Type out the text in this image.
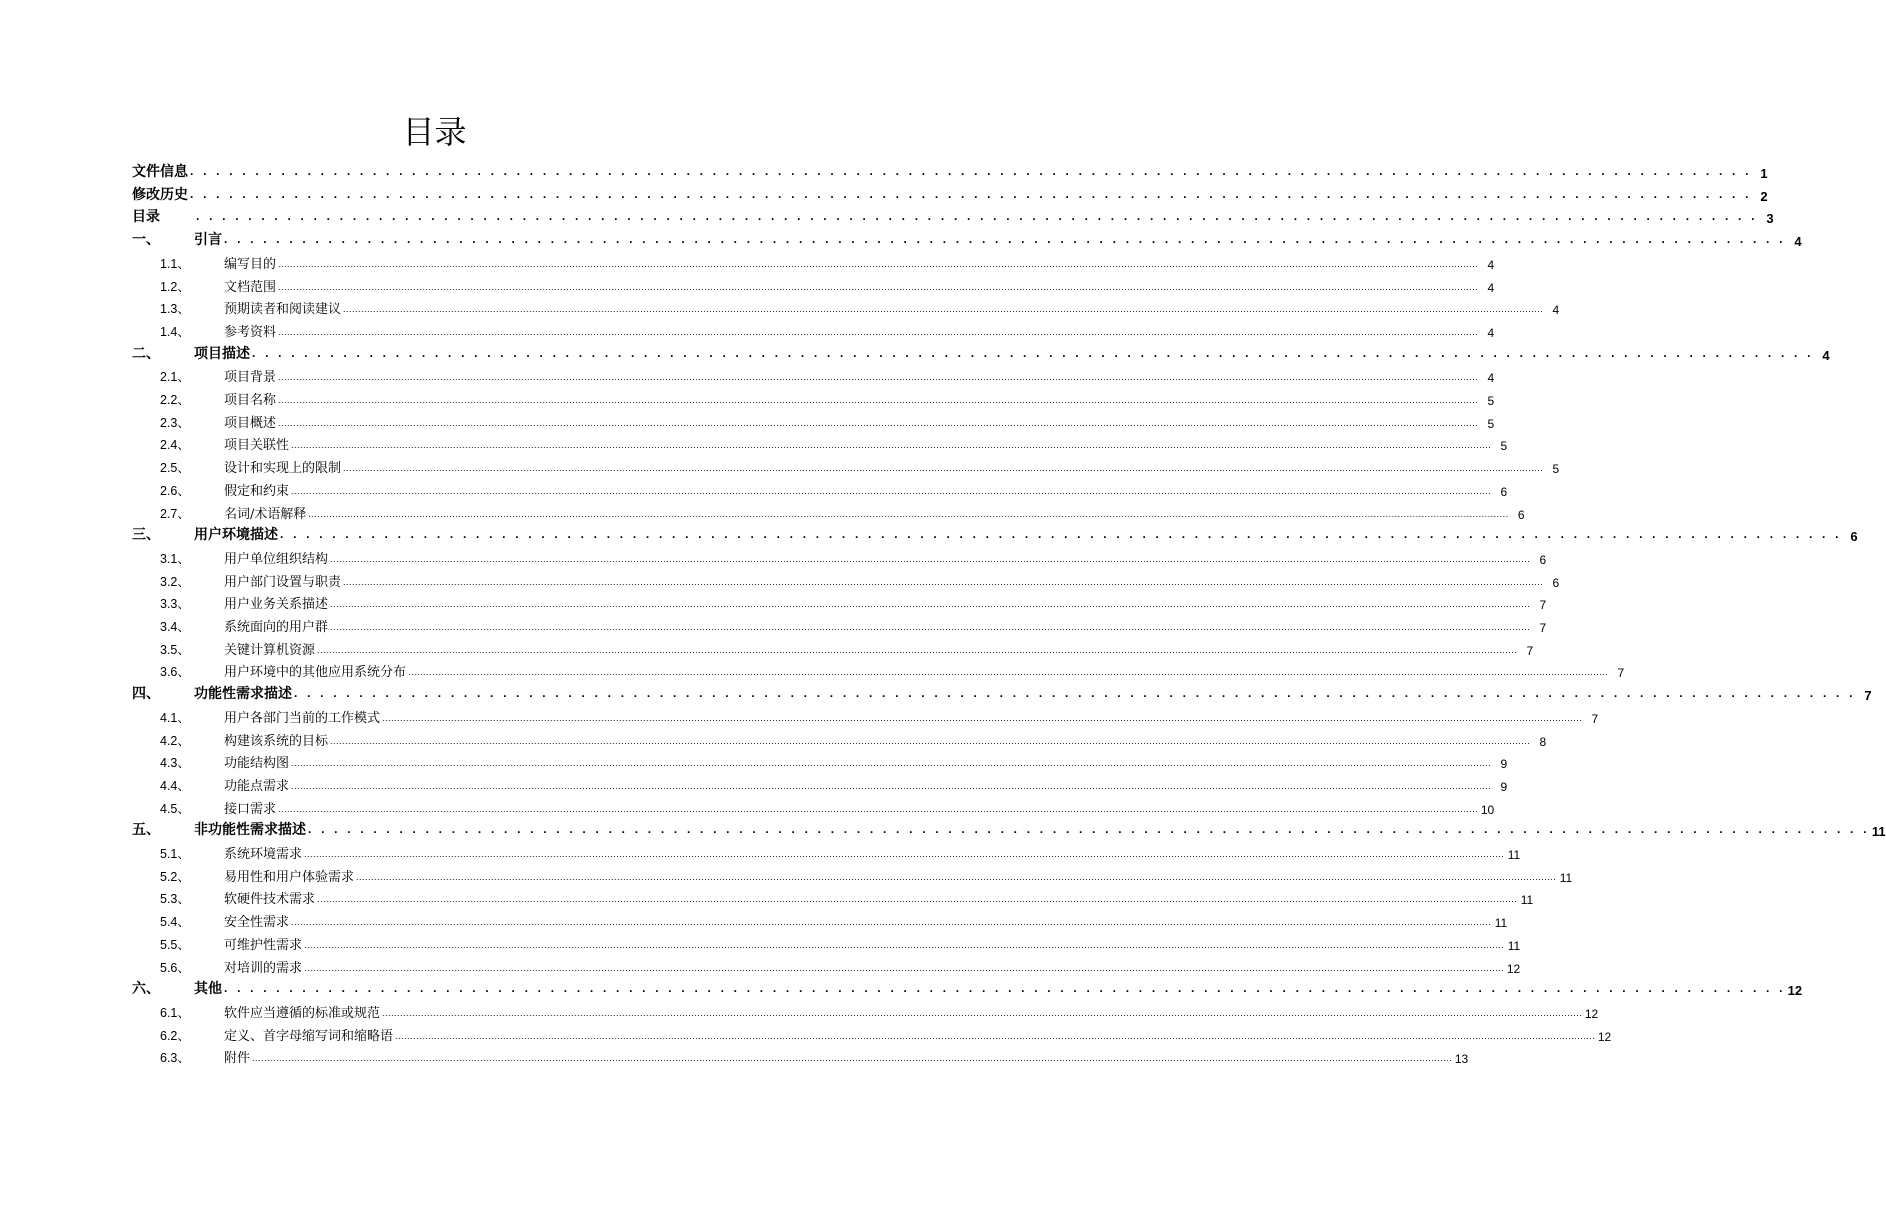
目录
文件信息 . . . . . . . . . . . . . . . . . . . . . . . . . . . . . . . . . . . . . . . . . . . . . . . . . . . . . . . . . . . . . . . . . . . . . . . . . . . . . . . . . . . . . . . . . . . . . . . . . . . . . . . . . . . . . . . . . . . . . . . . 1
修改历史 . . . . . . . . . . . . . . . . . . . . . . . . . . . . . . . . . . . . . . . . . . . . . . . . . . . . . . . . . . . . . . . . . . . . . . . . . . . . . . . . . . . . . . . . . . . . . . . . . . . . . . . . . . . . . . . . . . . . . . . . 2
目录	. . . . . . . . . . . . . . . . . . . . . . . . . . . . . . . . . . . . . . . . . . . . . . . . . . . . . . . . . . . . . . . . . . . . . . . . . . . . . . . . . . . . . . . . . . . . . . . . . . . . . . . . . . . . . . . . . . . . . . . . 3
一、	引言 . . . . . . . . . . . . . . . . . . . . . . . . . . . . . . . . . . . . . . . . . . . . . . . . . . . . . . . . . . . . . . . . . . . . . . . . . . . . . . . . . . . . . . . . . . . . . . . . . . . . . . . . . . . . . . . . . . . . . . . . 4
1.1、	编写目的 ................................................................................................................................................................................................................................................................................................................................................................................................................ 4
1.2、	文档范围 ................................................................................................................................................................................................................................................................................................................................................................................................................ 4
1.3、	预期读者和阅读建议 ................................................................................................................................................................................................................................................................................................................................................................................................................ 4
1.4、	参考资料 ................................................................................................................................................................................................................................................................................................................................................................................................................ 4
二、	项目描述 . . . . . . . . . . . . . . . . . . . . . . . . . . . . . . . . . . . . . . . . . . . . . . . . . . . . . . . . . . . . . . . . . . . . . . . . . . . . . . . . . . . . . . . . . . . . . . . . . . . . . . . . . . . . . . . . . . . . . . . . 4
2.1、	项目背景 ................................................................................................................................................................................................................................................................................................................................................................................................................ 4
2.2、	项目名称 ................................................................................................................................................................................................................................................................................................................................................................................................................ 5
2.3、	项目概述 ................................................................................................................................................................................................................................................................................................................................................................................................................ 5
2.4、	项目关联性 ................................................................................................................................................................................................................................................................................................................................................................................................................ 5
2.5、	设计和实现上的限制 ................................................................................................................................................................................................................................................................................................................................................................................................................ 5
2.6、	假定和约束 ................................................................................................................................................................................................................................................................................................................................................................................................................ 6
2.7、	名词/术语解释 ................................................................................................................................................................................................................................................................................................................................................................................................................ 6
三、	用户环境描述 . . . . . . . . . . . . . . . . . . . . . . . . . . . . . . . . . . . . . . . . . . . . . . . . . . . . . . . . . . . . . . . . . . . . . . . . . . . . . . . . . . . . . . . . . . . . . . . . . . . . . . . . . . . . . . . . . . . . . . . . 6
3.1、	用户单位组织结构 ................................................................................................................................................................................................................................................................................................................................................................................................................ 6
3.2、	用户部门设置与职责 ................................................................................................................................................................................................................................................................................................................................................................................................................ 6
3.3、	用户业务关系描述 ................................................................................................................................................................................................................................................................................................................................................................................................................ 7
3.4、	系统面向的用户群 ................................................................................................................................................................................................................................................................................................................................................................................................................ 7
3.5、	关键计算机资源 ................................................................................................................................................................................................................................................................................................................................................................................................................ 7
3.6、	用户环境中的其他应用系统分布 ................................................................................................................................................................................................................................................................................................................................................................................................................ 7
四、	功能性需求描述 . . . . . . . . . . . . . . . . . . . . . . . . . . . . . . . . . . . . . . . . . . . . . . . . . . . . . . . . . . . . . . . . . . . . . . . . . . . . . . . . . . . . . . . . . . . . . . . . . . . . . . . . . . . . . . . . . . . . . . . . 7
4.1、	用户各部门当前的工作模式 ................................................................................................................................................................................................................................................................................................................................................................................................................ 7
4.2、	构建该系统的目标 ................................................................................................................................................................................................................................................................................................................................................................................................................ 8
4.3、	功能结构图 ................................................................................................................................................................................................................................................................................................................................................................................................................ 9
4.4、	功能点需求 ................................................................................................................................................................................................................................................................................................................................................................................................................ 9
4.5、	接口需求 ................................................................................................................................................................................................................................................................................................................................................................................................................ 10
五、	非功能性需求描述 . . . . . . . . . . . . . . . . . . . . . . . . . . . . . . . . . . . . . . . . . . . . . . . . . . . . . . . . . . . . . . . . . . . . . . . . . . . . . . . . . . . . . . . . . . . . . . . . . . . . . . . . . . . . . . . . . . . . . . . . 11
5.1、	系统环境需求 ................................................................................................................................................................................................................................................................................................................................................................................................................ 11
5.2、	易用性和用户体验需求 ................................................................................................................................................................................................................................................................................................................................................................................................................ 11
5.3、	软硬件技术需求 ................................................................................................................................................................................................................................................................................................................................................................................................................ 11
5.4、	安全性需求 ................................................................................................................................................................................................................................................................................................................................................................................................................ 11
5.5、	可维护性需求 ................................................................................................................................................................................................................................................................................................................................................................................................................ 11
5.6、	对培训的需求 ................................................................................................................................................................................................................................................................................................................................................................................................................ 12
六、	其他 . . . . . . . . . . . . . . . . . . . . . . . . . . . . . . . . . . . . . . . . . . . . . . . . . . . . . . . . . . . . . . . . . . . . . . . . . . . . . . . . . . . . . . . . . . . . . . . . . . . . . . . . . . . . . . . . . . . . . . . . 12
6.1、	软件应当遵循的标准或规范 ................................................................................................................................................................................................................................................................................................................................................................................................................ 12
6.2、	定义、首字母缩写词和缩略语 ................................................................................................................................................................................................................................................................................................................................................................................................................ 12
6.3、	附件 ................................................................................................................................................................................................................................................................................................................................................................................................................ 13
